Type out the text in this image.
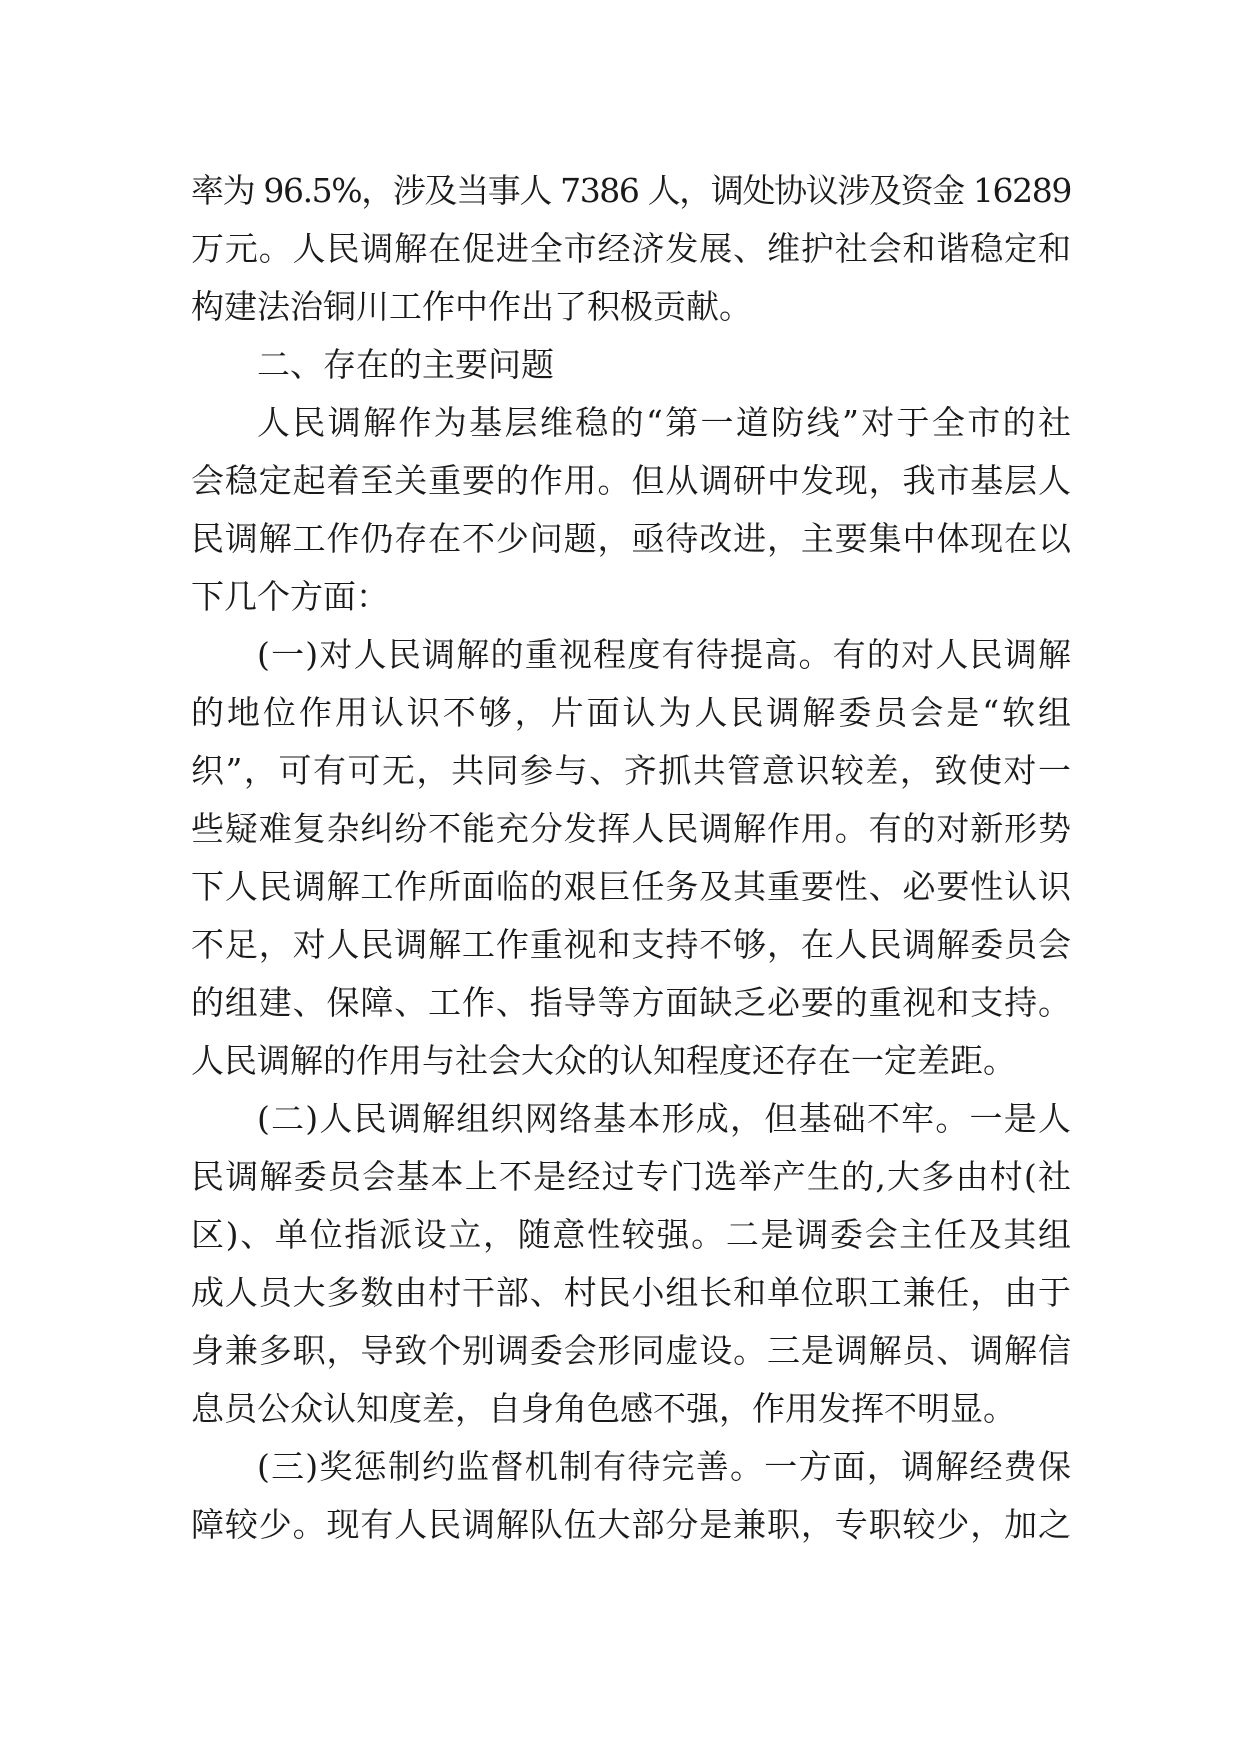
率为 96.5%，涉及当事人 7386 人，调处协议涉及资金 16289
万元。人民调解在促进全市经济发展、维护社会和谐稳定和
构建法治铜川工作中作出了积极贡献。
二、存在的主要问题
人民调解作为基层维稳的“第一道防线”对于全市的社
会稳定起着至关重要的作用。但从调研中发现，我市基层人
民调解工作仍存在不少问题，亟待改进，主要集中体现在以
下几个方面：
(一)对人民调解的重视程度有待提高。有的对人民调解
的地位作用认识不够，片面认为人民调解委员会是“软组
织”，可有可无，共同参与、齐抓共管意识较差，致使对一
些疑难复杂纠纷不能充分发挥人民调解作用。有的对新形势
下人民调解工作所面临的艰巨任务及其重要性、必要性认识
不足，对人民调解工作重视和支持不够，在人民调解委员会
的组建、保障、工作、指导等方面缺乏必要的重视和支持。
人民调解的作用与社会大众的认知程度还存在一定差距。
(二)人民调解组织网络基本形成，但基础不牢。一是人
民调解委员会基本上不是经过专门选举产生的,大多由村(社
区)、单位指派设立，随意性较强。二是调委会主任及其组
成人员大多数由村干部、村民小组长和单位职工兼任，由于
身兼多职，导致个别调委会形同虚设。三是调解员、调解信
息员公众认知度差，自身角色感不强，作用发挥不明显。
(三)奖惩制约监督机制有待完善。一方面，调解经费保
障较少。现有人民调解队伍大部分是兼职，专职较少，加之
